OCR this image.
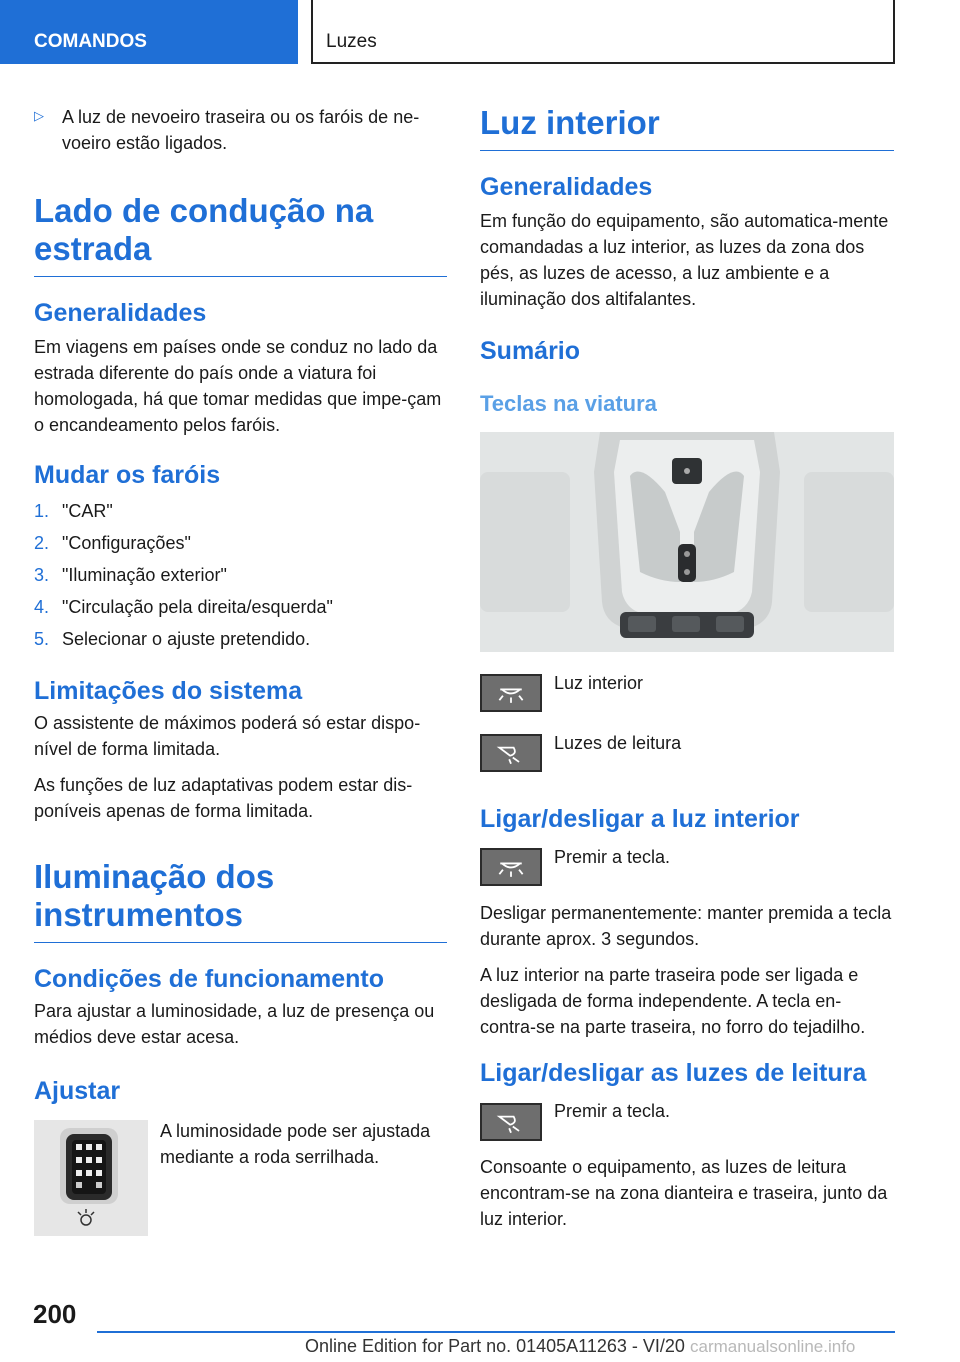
COMANDOS	Luzes
▷ A luz de nevoeiro traseira ou os faróis de ne-

voeiro estão ligados.

Lado de condução na
estrada
Generalidades

Em viagens em países onde se conduz no lado da estrada diferente do país onde a viatura foi homologada, há que tomar medidas que impe-çam o encandeamento pelos faróis.

Mudar os faróis
1. "CAR"
2. "Configurações"
3. "Iluminação exterior"
4. "Circulação pela direita/esquerda"
5. Selecionar o ajuste pretendido.
Limitações do sistema

O assistente de máximos poderá só estar dispo-nível de forma limitada.

As funções de luz adaptativas podem estar dis-poníveis apenas de forma limitada.

Iluminação dos
instrumentos
Condições de funcionamento

Para ajustar a luminosidade, a luz de presença ou médios deve estar acesa.

Ajustar

A luminosidade pode ser ajustada mediante a roda serrilhada.

Luz interior
Generalidades

Em função do equipamento, são automatica-mente comandadas a luz interior, as luzes da zona dos pés, as luzes de acesso, a luz ambiente e a iluminação dos altifalantes.

Sumário
Teclas na viatura

Luz interior

Luzes de leitura

Ligar/desligar a luz interior

Premir a tecla.

Desligar permanentemente: manter premida a tecla durante aprox. 3 segundos.

A luz interior na parte traseira pode ser ligada e desligada de forma independente. A tecla en-contra-se na parte traseira, no forro do tejadilho.

Ligar/desligar as luzes de leitura

Premir a tecla.

Consoante o equipamento, as luzes de leitura encontram-se na zona dianteira e traseira, junto da luz interior.

200
Online Edition for Part no. 01405A11263 - VI/20 carmanualsonline.info
